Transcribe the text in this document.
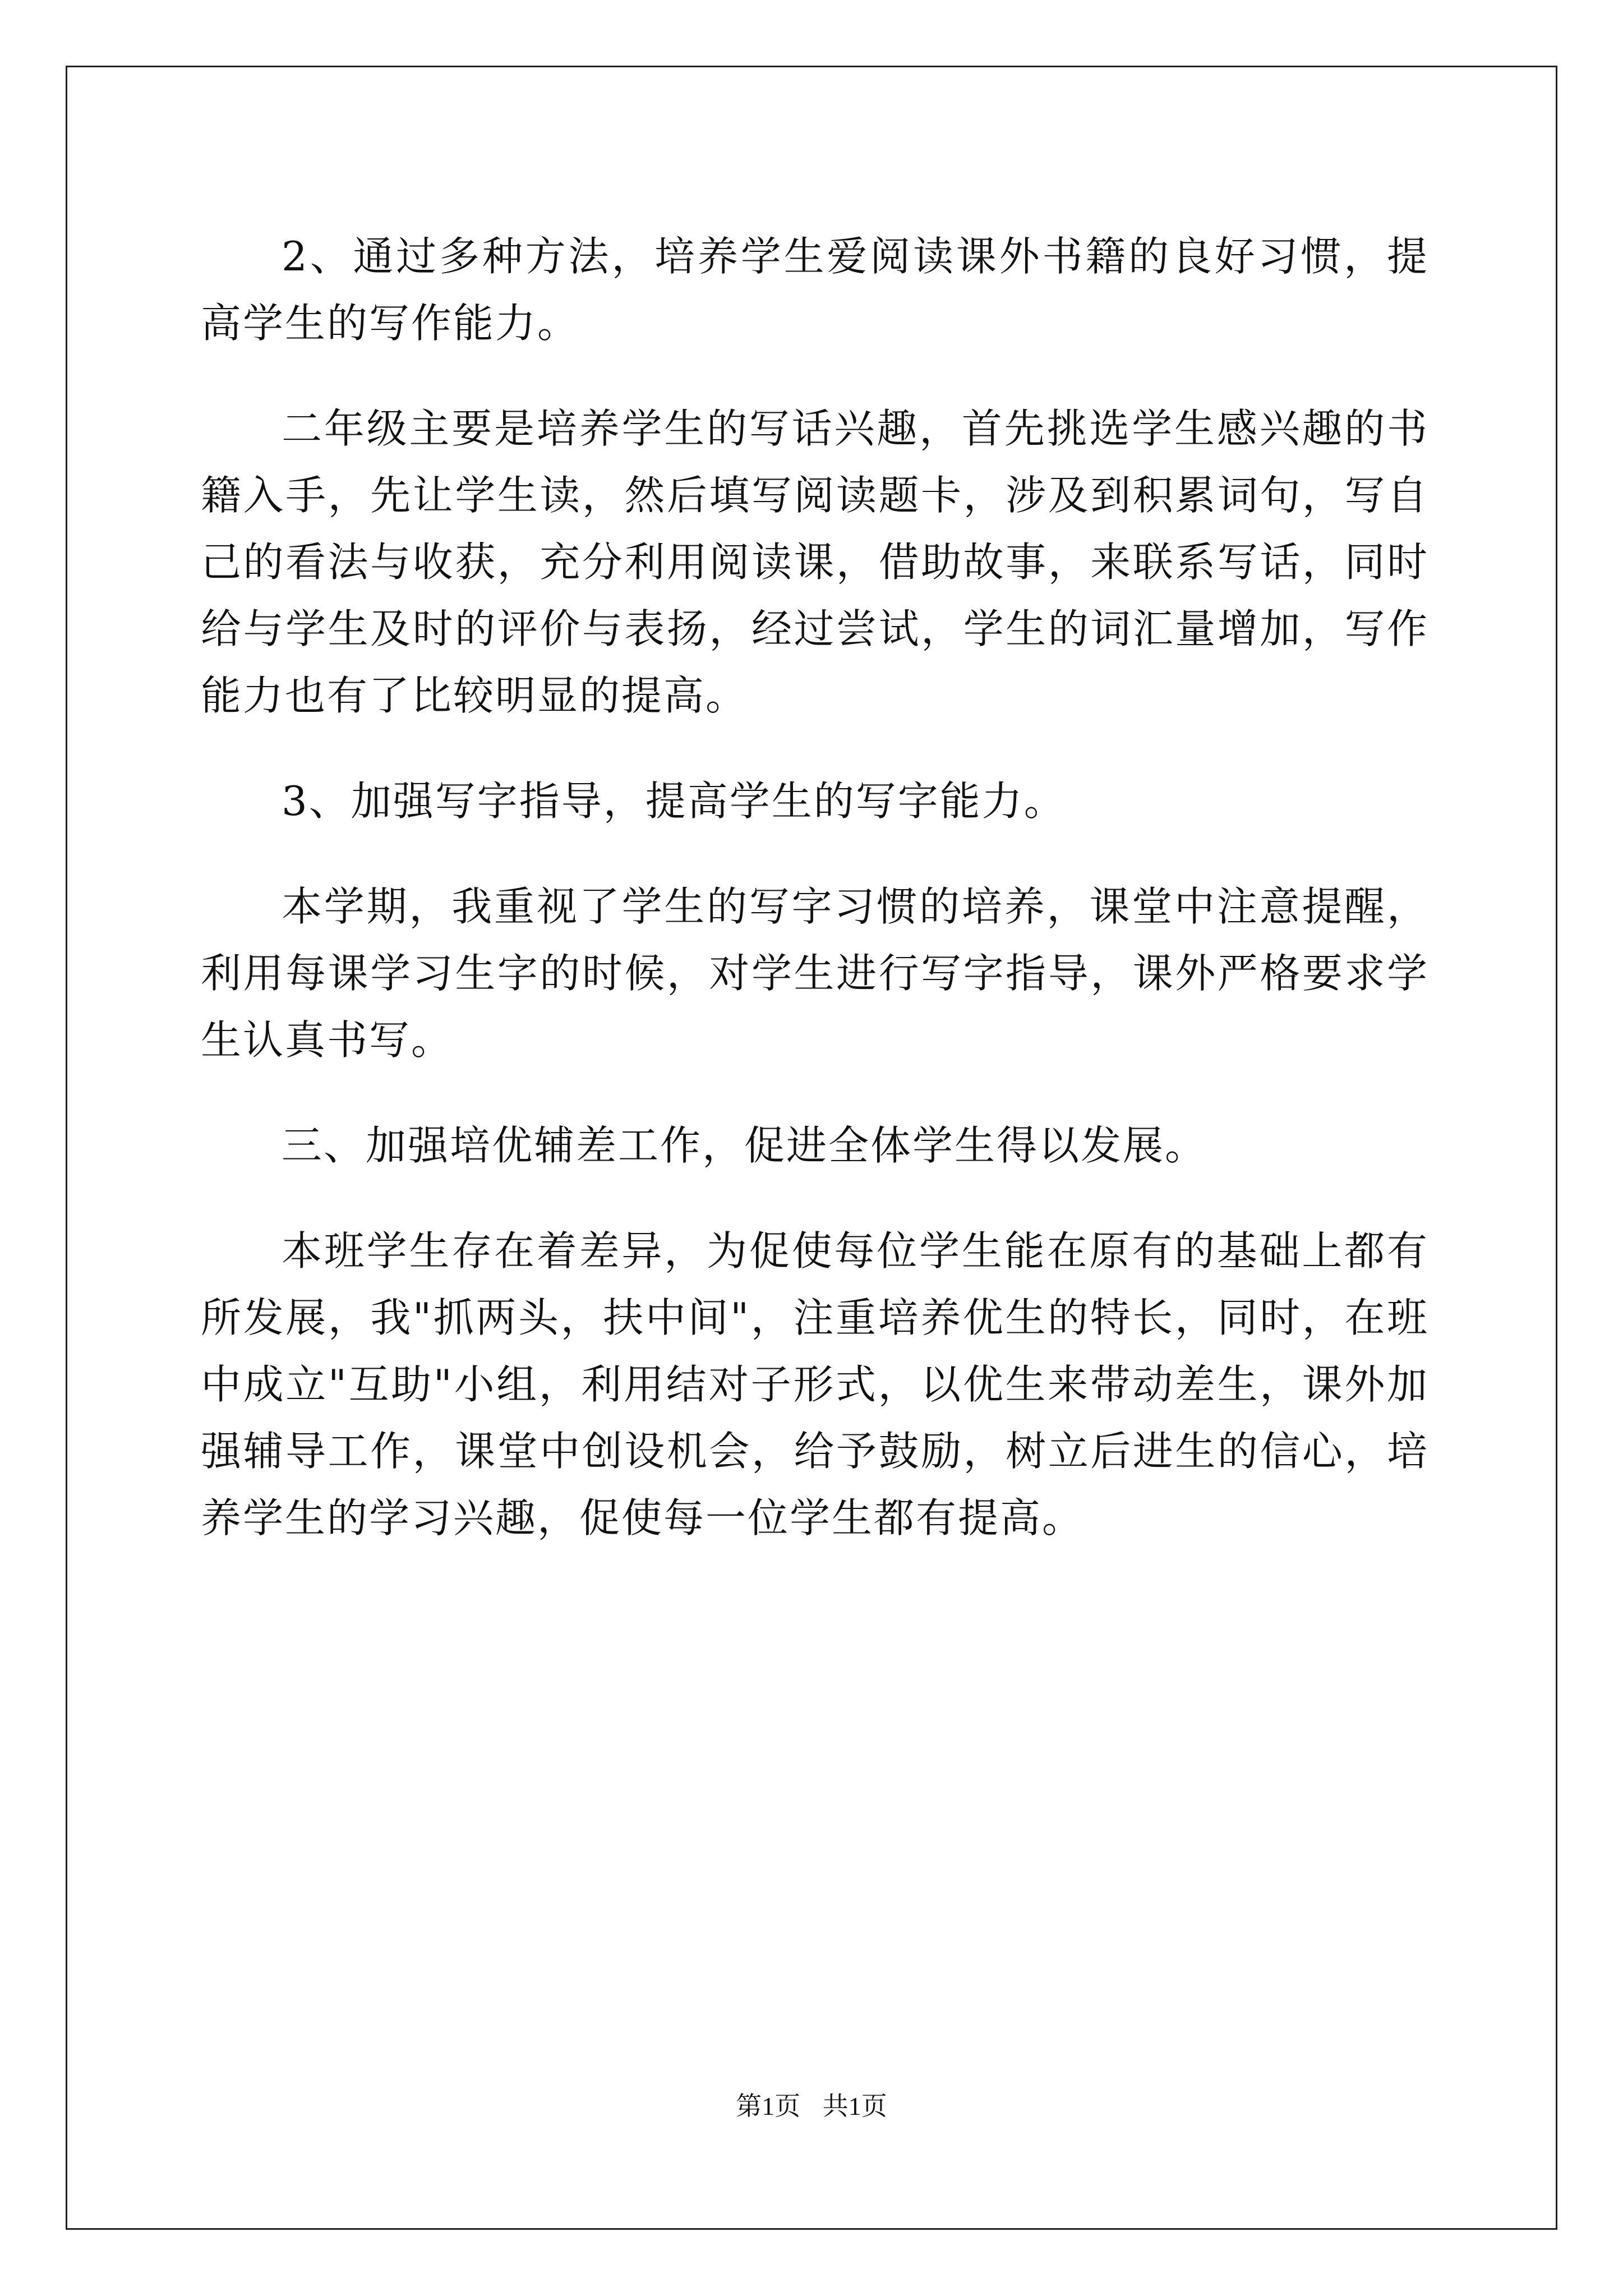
2、通过多种方法，培养学生爱阅读课外书籍的良好习惯，提高学生的写作能力。

二年级主要是培养学生的写话兴趣，首先挑选学生感兴趣的书籍入手，先让学生读，然后填写阅读题卡，涉及到积累词句，写自己的看法与收获，充分利用阅读课，借助故事，来联系写话，同时给与学生及时的评价与表扬，经过尝试，学生的词汇量增加，写作能力也有了比较明显的提高。

3、加强写字指导，提高学生的写字能力。

本学期，我重视了学生的写字习惯的培养，课堂中注意提醒，利用每课学习生字的时候，对学生进行写字指导，课外严格要求学生认真书写。

三、加强培优辅差工作，促进全体学生得以发展。

本班学生存在着差异，为促使每位学生能在原有的基础上都有所发展，我"抓两头，扶中间"，注重培养优生的特长，同时，在班中成立"互助"小组，利用结对子形式，以优生来带动差生，课外加强辅导工作，课堂中创设机会，给予鼓励，树立后进生的信心，培养学生的学习兴趣，促使每一位学生都有提高。

第1页 共1页
